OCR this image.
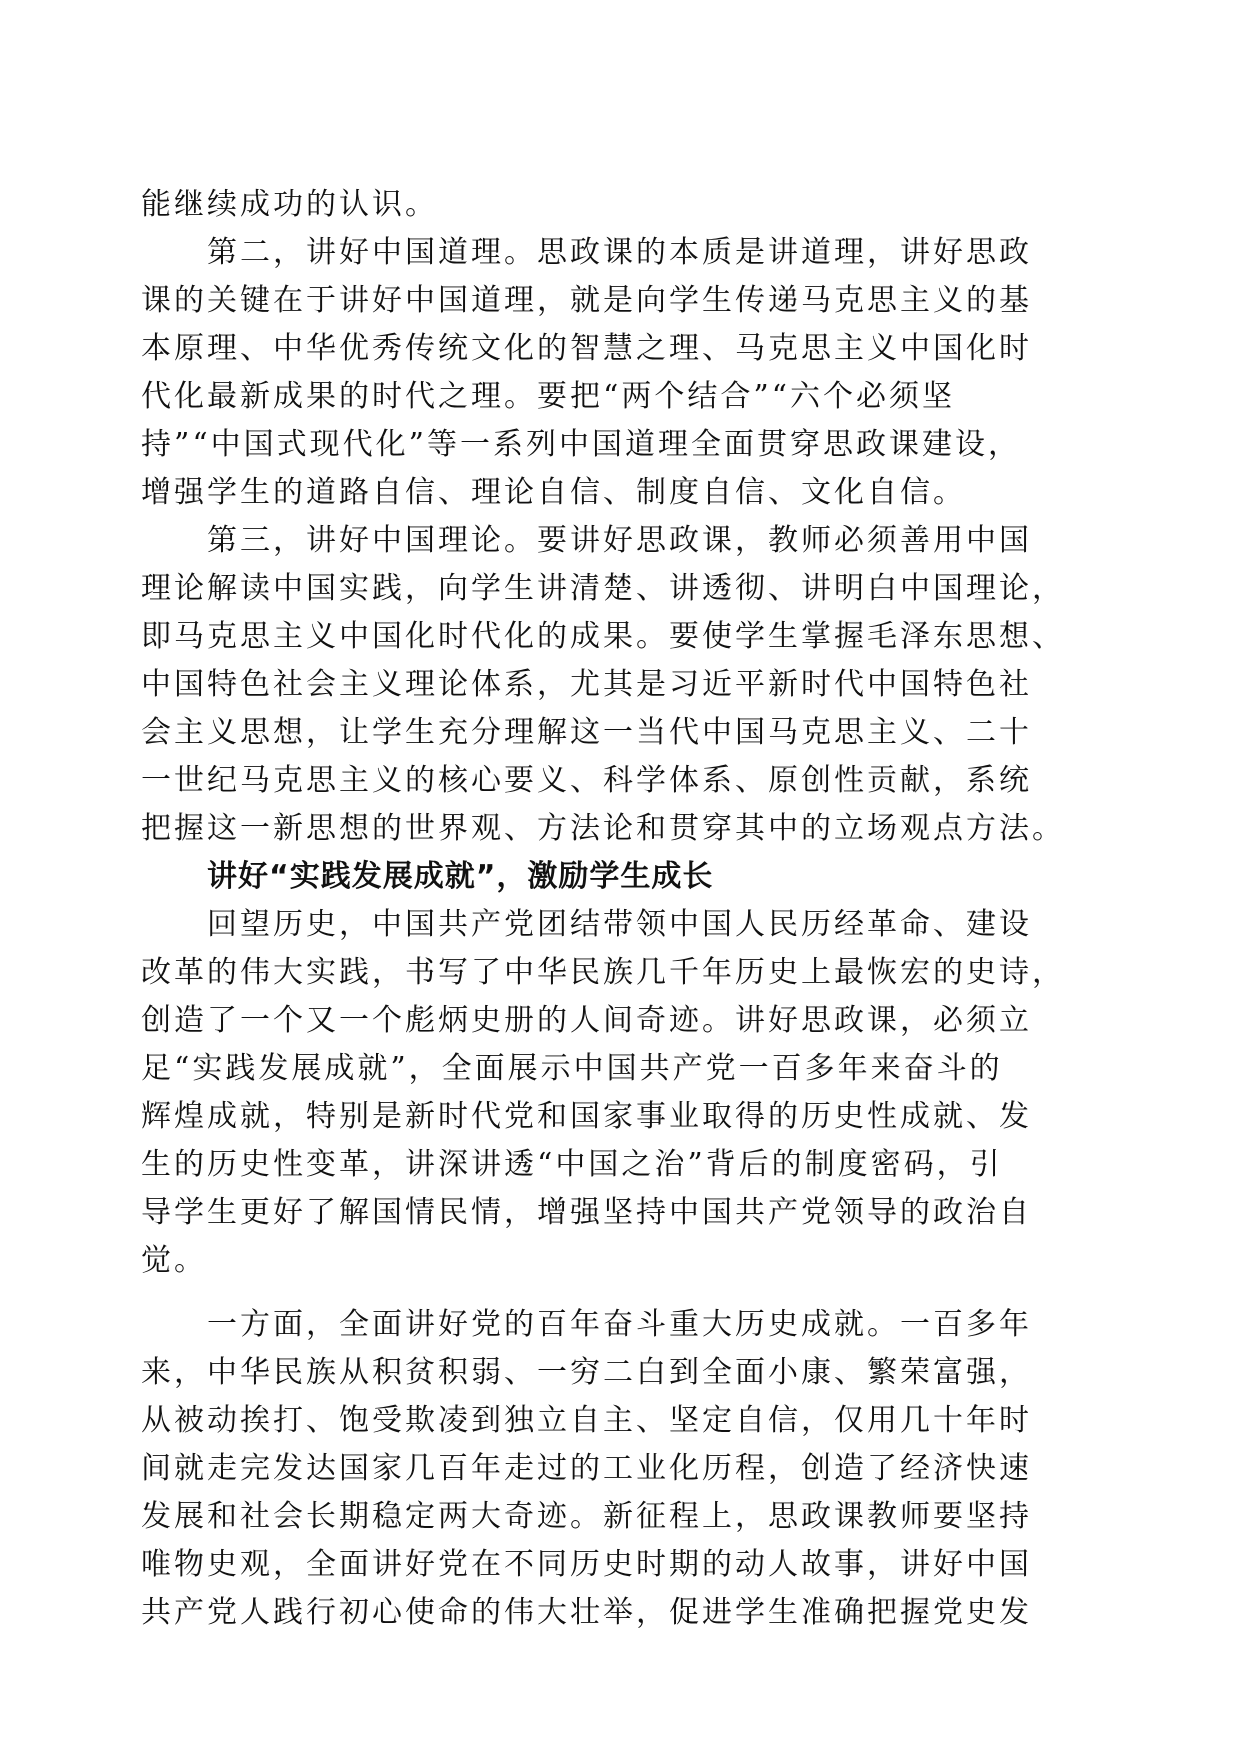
能继续成功的认识。
第二，讲好中国道理。思政课的本质是讲道理，讲好思政
课的关键在于讲好中国道理，就是向学生传递马克思主义的基
本原理、中华优秀传统文化的智慧之理、马克思主义中国化时
代化最新成果的时代之理。要把“两个结合”“六个必须坚
持”“中国式现代化”等一系列中国道理全面贯穿思政课建设，
增强学生的道路自信、理论自信、制度自信、文化自信。
第三，讲好中国理论。要讲好思政课，教师必须善用中国
理论解读中国实践，向学生讲清楚、讲透彻、讲明白中国理论，
即马克思主义中国化时代化的成果。要使学生掌握毛泽东思想、
中国特色社会主义理论体系，尤其是习近平新时代中国特色社
会主义思想，让学生充分理解这一当代中国马克思主义、二十
一世纪马克思主义的核心要义、科学体系、原创性贡献，系统
把握这一新思想的世界观、方法论和贯穿其中的立场观点方法。
讲好“实践发展成就”，激励学生成长
回望历史，中国共产党团结带领中国人民历经革命、建设
改革的伟大实践，书写了中华民族几千年历史上最恢宏的史诗，
创造了一个又一个彪炳史册的人间奇迹。讲好思政课，必须立
足“实践发展成就”，全面展示中国共产党一百多年来奋斗的
辉煌成就，特别是新时代党和国家事业取得的历史性成就、发
生的历史性变革，讲深讲透“中国之治”背后的制度密码，引
导学生更好了解国情民情，增强坚持中国共产党领导的政治自
觉。
一方面，全面讲好党的百年奋斗重大历史成就。一百多年
来，中华民族从积贫积弱、一穷二白到全面小康、繁荣富强，
从被动挨打、饱受欺凌到独立自主、坚定自信，仅用几十年时
间就走完发达国家几百年走过的工业化历程，创造了经济快速
发展和社会长期稳定两大奇迹。新征程上，思政课教师要坚持
唯物史观，全面讲好党在不同历史时期的动人故事，讲好中国
共产党人践行初心使命的伟大壮举，促进学生准确把握党史发
